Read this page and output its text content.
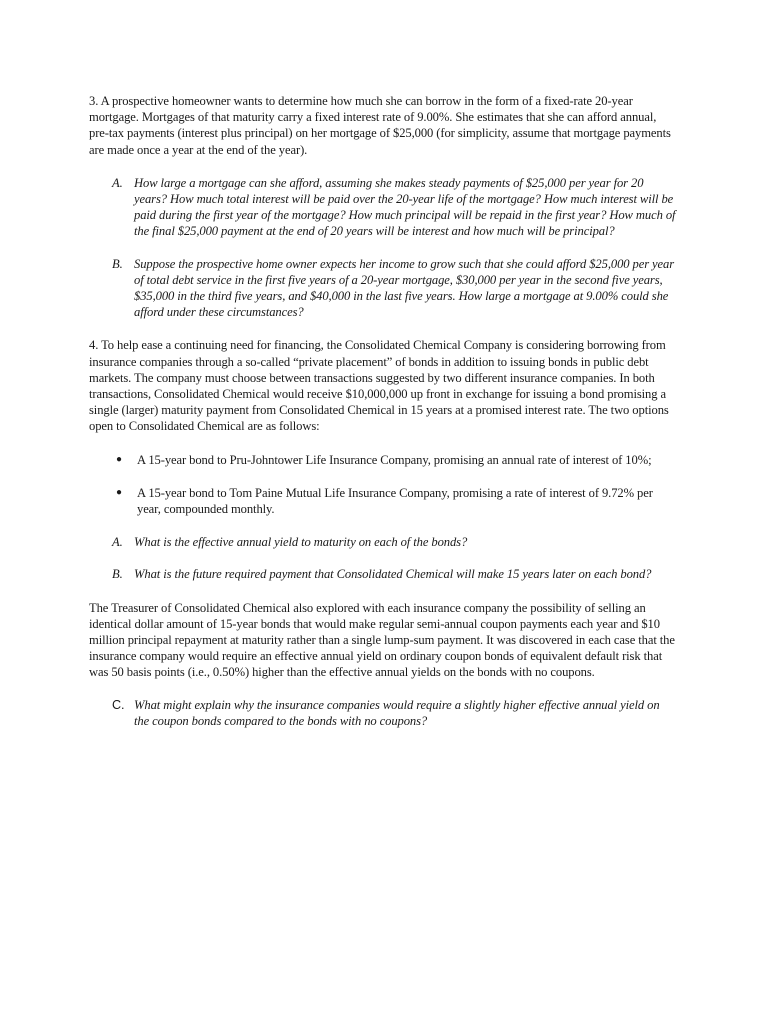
3. A prospective homeowner wants to determine how much she can borrow in the form of a fixed-rate 20-year mortgage. Mortgages of that maturity carry a fixed interest rate of 9.00%. She estimates that she can afford annual, pre-tax payments (interest plus principal) on her mortgage of $25,000 (for simplicity, assume that mortgage payments are made once a year at the end of the year).

A. How large a mortgage can she afford, assuming she makes steady payments of $25,000 per year for 20 years? How much total interest will be paid over the 20-year life of the mortgage? How much interest will be paid during the first year of the mortgage? How much principal will be repaid in the first year? How much of the final $25,000 payment at the end of 20 years will be interest and how much will be principal?
B. Suppose the prospective home owner expects her income to grow such that she could afford $25,000 per year of total debt service in the first five years of a 20-year mortgage, $30,000 per year in the second five years, $35,000 in the third five years, and $40,000 in the last five years. How large a mortgage at 9.00% could she afford under these circumstances?

4. To help ease a continuing need for financing, the Consolidated Chemical Company is considering borrowing from insurance companies through a so-called “private placement” of bonds in addition to issuing bonds in public debt markets. The company must choose between transactions suggested by two different insurance companies. In both transactions, Consolidated Chemical would receive $10,000,000 up front in exchange for issuing a bond promising a single (larger) maturity payment from Consolidated Chemical in 15 years at a promised interest rate. The two options open to Consolidated Chemical are as follows:

●	A 15-year bond to Pru-Johntower Life Insurance Company, promising an annual rate of interest of 10%;
●	A 15-year bond to Tom Paine Mutual Life Insurance Company, promising a rate of interest of 9.72% per year, compounded monthly.
A. What is the effective annual yield to maturity on each of the bonds?
B. What is the future required payment that Consolidated Chemical will make 15 years later on each bond?

The Treasurer of Consolidated Chemical also explored with each insurance company the possibility of selling an identical dollar amount of 15-year bonds that would make regular semi-annual coupon payments each year and $10 million principal repayment at maturity rather than a single lump-sum payment. It was discovered in each case that the insurance company would require an effective annual yield on ordinary coupon bonds of equivalent default risk that was 50 basis points (i.e., 0.50%) higher than the effective annual yields on the bonds with no coupons.

C. What might explain why the insurance companies would require a slightly higher effective annual yield on the coupon bonds compared to the bonds with no coupons?
